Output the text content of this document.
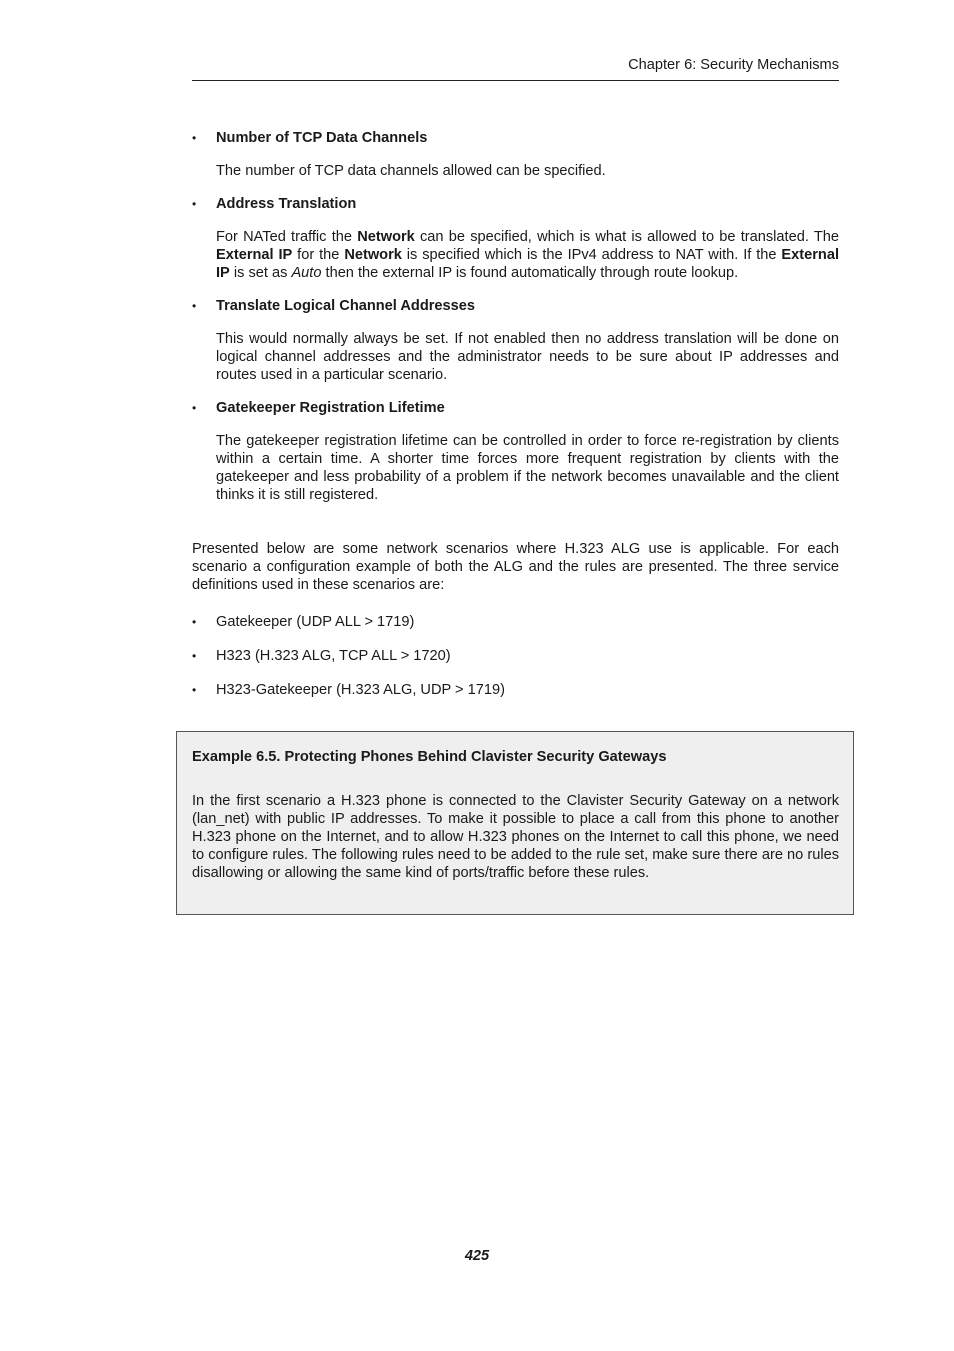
Chapter 6: Security Mechanisms
•	Number of TCP Data Channels

The number of TCP data channels allowed can be specified.

•	Address Translation

For NATed traffic the Network can be specified, which is what is allowed to be translated. The External IP for the Network is specified which is the IPv4 address to NAT with. If the External IP is set as Auto then the external IP is found automatically through route lookup.

•	Translate Logical Channel Addresses

This would normally always be set. If not enabled then no address translation will be done on logical channel addresses and the administrator needs to be sure about IP addresses and routes used in a particular scenario.

•	Gatekeeper Registration Lifetime

The gatekeeper registration lifetime can be controlled in order to force re-registration by clients within a certain time. A shorter time forces more frequent registration by clients with the gatekeeper and less probability of a problem if the network becomes unavailable and the client thinks it is still registered.

Presented below are some network scenarios where H.323 ALG use is applicable. For each scenario a configuration example of both the ALG and the rules are presented. The three service definitions used in these scenarios are:

•	Gatekeeper (UDP ALL > 1719)
•	H323 (H.323 ALG, TCP ALL > 1720)
•	H323-Gatekeeper (H.323 ALG, UDP > 1719)

Example 6.5. Protecting Phones Behind Clavister Security Gateways

In the first scenario a H.323 phone is connected to the Clavister Security Gateway on a network (lan_net) with public IP addresses. To make it possible to place a call from this phone to another H.323 phone on the Internet, and to allow H.323 phones on the Internet to call this phone, we need to configure rules. The following rules need to be added to the rule set, make sure there are no rules disallowing or allowing the same kind of ports/traffic before these rules.

425
